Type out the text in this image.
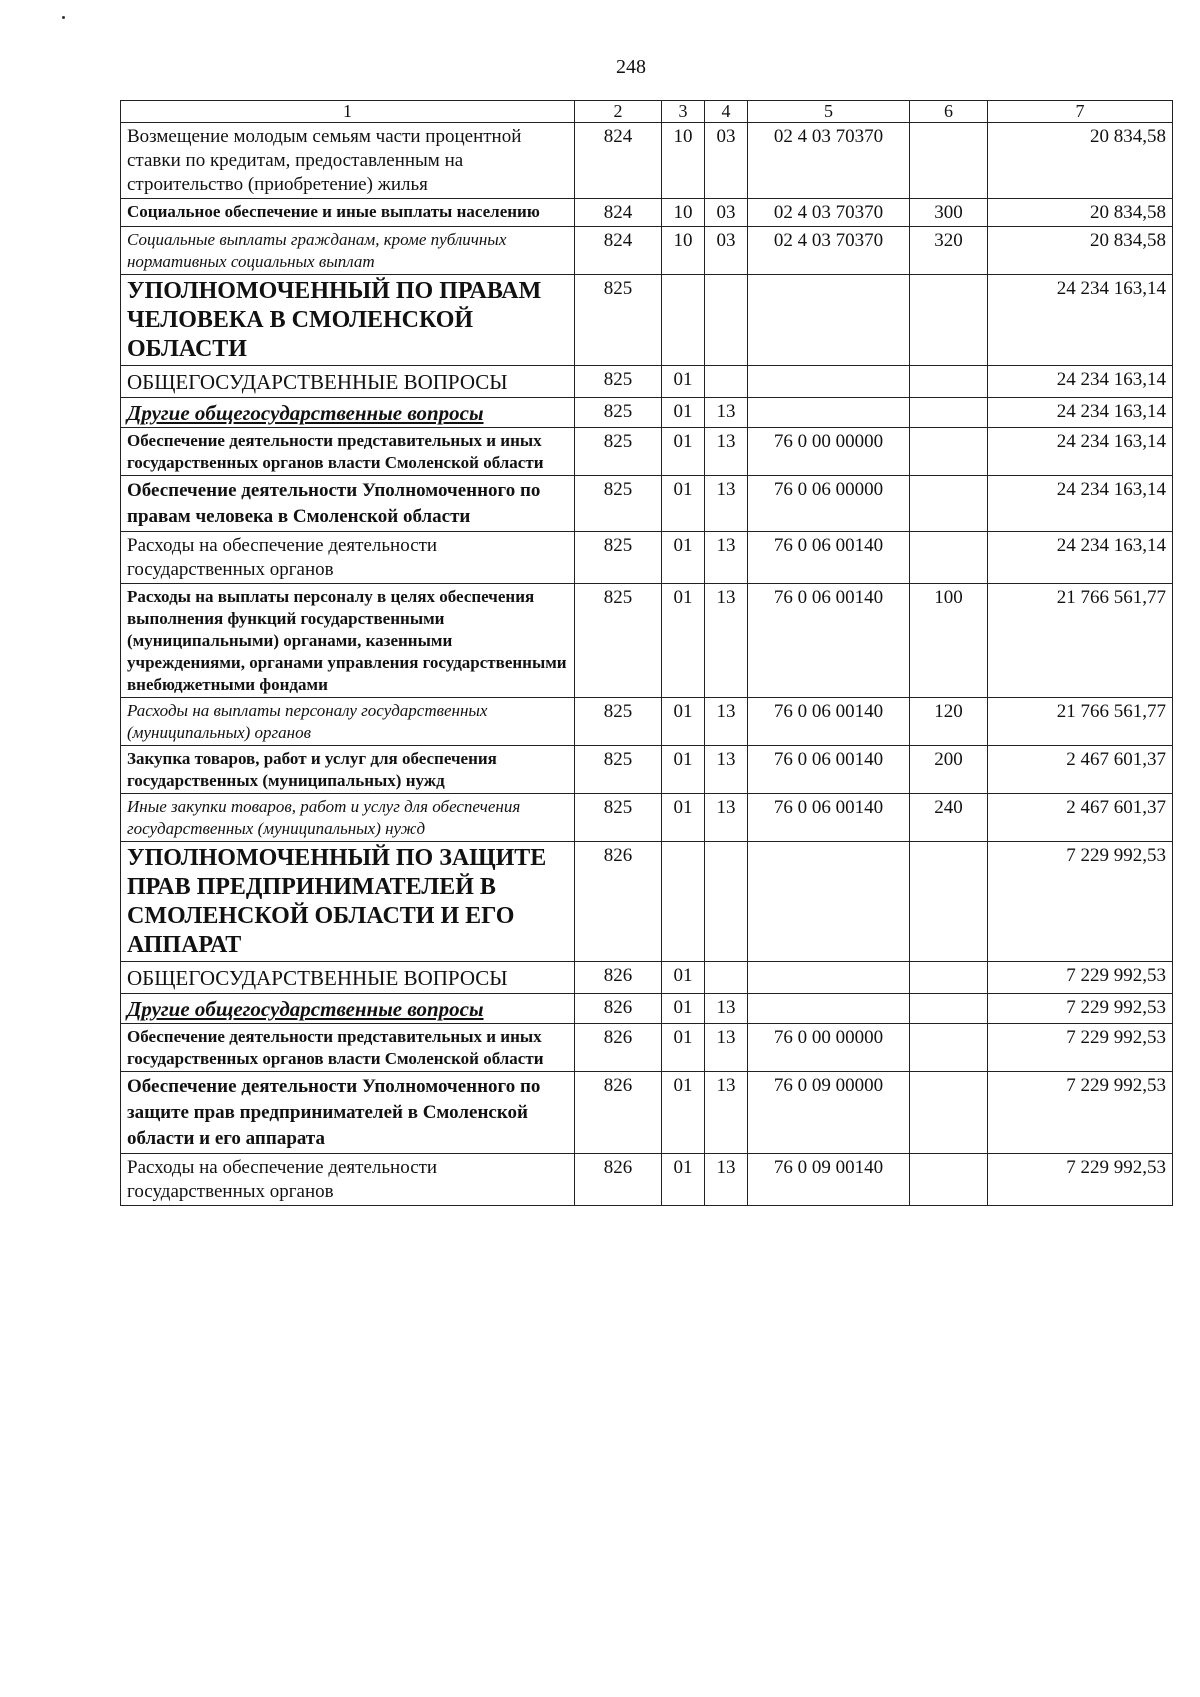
248
1	2	3	4	5	6	7
Возмещение молодым семьям части процентной ставки по кредитам, предоставленным на строительство (приобретение) жилья	824	10	03	02 4 03 70370		20 834,58
Социальное обеспечение и иные выплаты населению	824	10	03	02 4 03 70370	300	20 834,58
Социальные выплаты гражданам, кроме публичных нормативных социальных выплат	824	10	03	02 4 03 70370	320	20 834,58
УПОЛНОМОЧЕННЫЙ ПО ПРАВАМ ЧЕЛОВЕКА В СМОЛЕНСКОЙ ОБЛАСТИ	825					24 234 163,14
ОБЩЕГОСУДАРСТВЕННЫЕ ВОПРОСЫ	825	01				24 234 163,14
Другие общегосударственные вопросы	825	01	13			24 234 163,14
Обеспечение деятельности представительных и иных государственных органов власти Смоленской области	825	01	13	76 0 00 00000		24 234 163,14
Обеспечение деятельности Уполномоченного по правам человека в Смоленской области	825	01	13	76 0 06 00000		24 234 163,14
Расходы на обеспечение деятельности государственных органов	825	01	13	76 0 06 00140		24 234 163,14
Расходы на выплаты персоналу в целях обеспечения выполнения функций государственными (муниципальными) органами, казенными учреждениями, органами управления государственными внебюджетными фондами	825	01	13	76 0 06 00140	100	21 766 561,77
Расходы на выплаты персоналу государственных (муниципальных) органов	825	01	13	76 0 06 00140	120	21 766 561,77
Закупка товаров, работ и услуг для обеспечения государственных (муниципальных) нужд	825	01	13	76 0 06 00140	200	2 467 601,37
Иные закупки товаров, работ и услуг для обеспечения государственных (муниципальных) нужд	825	01	13	76 0 06 00140	240	2 467 601,37
УПОЛНОМОЧЕННЫЙ ПО ЗАЩИТЕ ПРАВ ПРЕДПРИНИМАТЕЛЕЙ В СМОЛЕНСКОЙ ОБЛАСТИ И ЕГО АППАРАТ	826					7 229 992,53
ОБЩЕГОСУДАРСТВЕННЫЕ ВОПРОСЫ	826	01				7 229 992,53
Другие общегосударственные вопросы	826	01	13			7 229 992,53
Обеспечение деятельности представительных и иных государственных органов власти Смоленской области	826	01	13	76 0 00 00000		7 229 992,53
Обеспечение деятельности Уполномоченного по защите прав предпринимателей в Смоленской области и его аппарата	826	01	13	76 0 09 00000		7 229 992,53
Расходы на обеспечение деятельности государственных органов	826	01	13	76 0 09 00140		7 229 992,53
